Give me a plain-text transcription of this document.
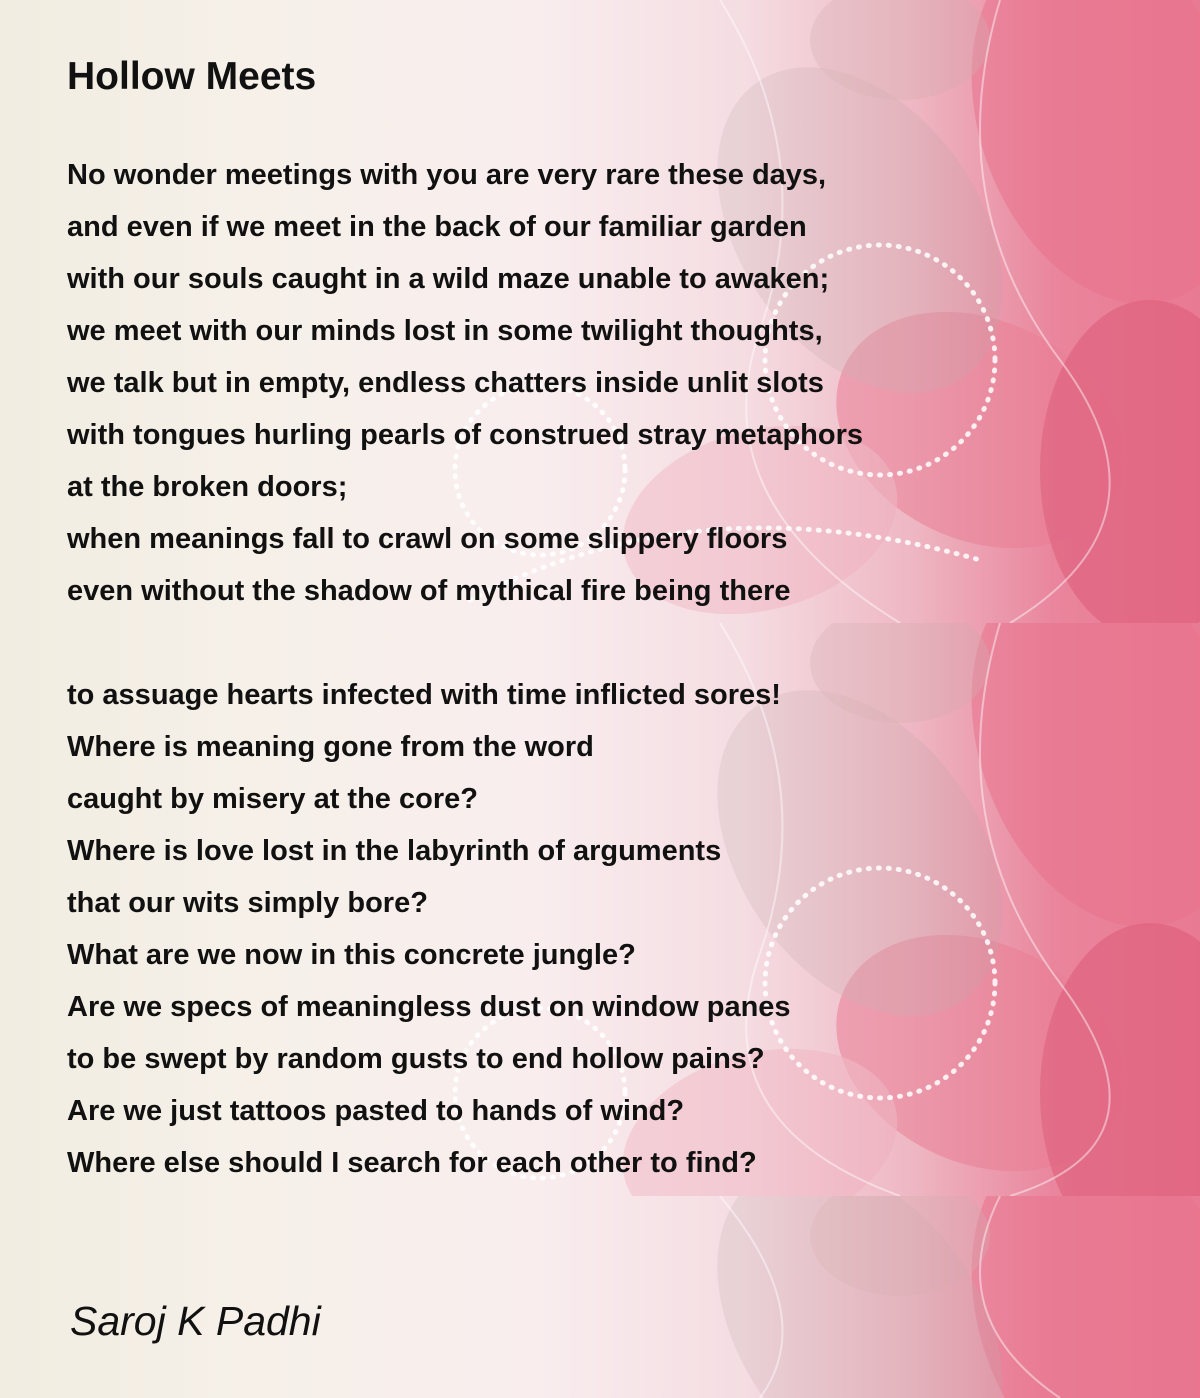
Hollow Meets

No wonder meetings with you are very rare these days,
and even if we meet in the back of our familiar garden
with our souls caught in a wild maze unable to awaken;
we meet with our minds lost in some twilight thoughts,
we talk but in empty, endless chatters inside unlit slots
with tongues hurling pearls of construed stray metaphors
at the broken doors;
when meanings fall to crawl on some slippery floors
even without the shadow of mythical fire being there

to assuage hearts infected with time inflicted sores!
Where is meaning gone from the word
caught by misery at the core?
Where is love lost in the labyrinth of arguments
that our wits simply bore?
What are we now in this concrete jungle?
Are we specs of meaningless dust on window panes
to be swept by random gusts to end hollow pains?
Are we just tattoos pasted to hands of wind?
Where else should I search for each other to find?

Saroj K Padhi
